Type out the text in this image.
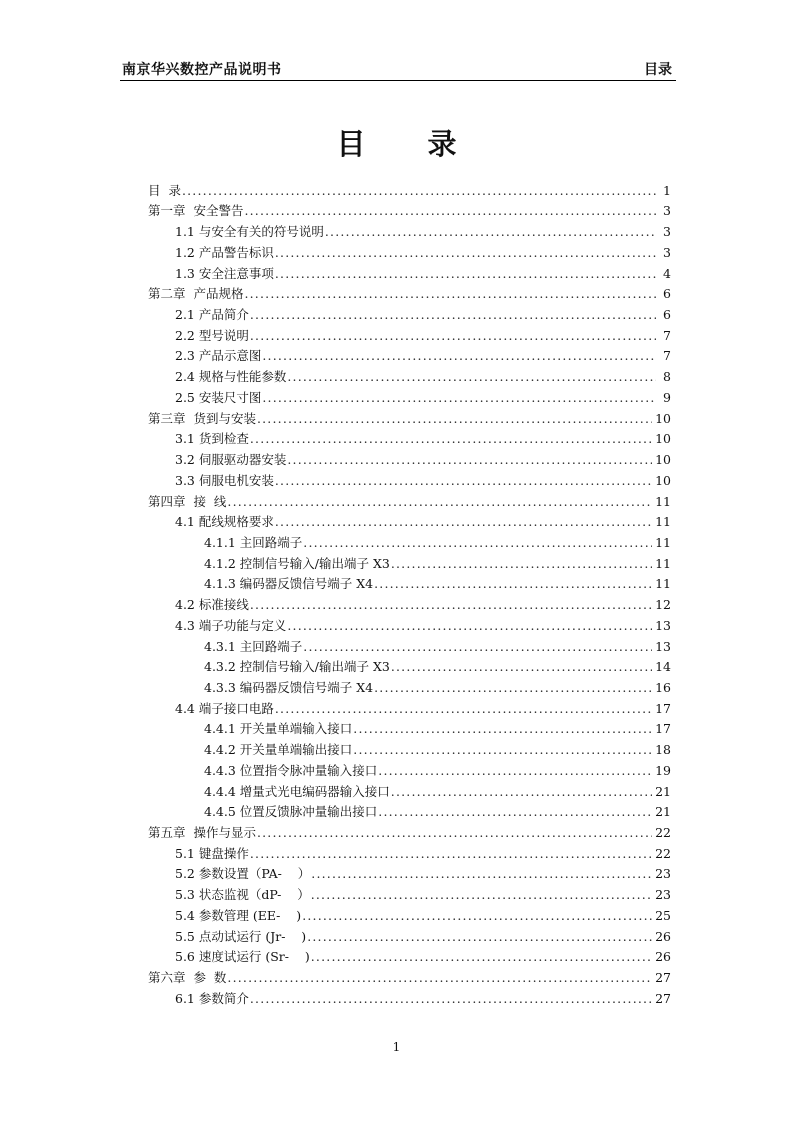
南京华兴数控产品说明书	目录
目 录
目  录 .....	1
第一章  安全警告 .....	3
1.1 与安全有关的符号说明 .....	3
1.2 产品警告标识 .....	3
1.3 安全注意事项 .....	4
第二章  产品规格 .....	6
2.1 产品简介 .....	6
2.2 型号说明 .....	7
2.3 产品示意图 .....	7
2.4 规格与性能参数 .....	8
2.5 安装尺寸图 .....	9
第三章  货到与安装 .....	10
3.1 货到检查 .....	10
3.2 伺服驱动器安装 .....	10
3.3 伺服电机安装 .....	10
第四章  接  线 .....	11
4.1 配线规格要求 .....	11
4.1.1 主回路端子 .....	11
4.1.2 控制信号输入/输出端子 X3 .....	11
4.1.3 编码器反馈信号端子 X4 .....	11
4.2 标准接线 .....	12
4.3 端子功能与定义 .....	13
4.3.1 主回路端子 .....	13
4.3.2 控制信号输入/输出端子 X3 .....	14
4.3.3 编码器反馈信号端子 X4 .....	16
4.4 端子接口电路 .....	17
4.4.1 开关量单端输入接口 .....	17
4.4.2 开关量单端输出接口 .....	18
4.4.3 位置指令脉冲量输入接口 .....	19
4.4.4 增量式光电编码器输入接口 .....	21
4.4.5 位置反馈脉冲量输出接口 .....	21
第五章  操作与显示 .....	22
5.1 键盘操作 .....	22
5.2 参数设置（PA-    ） .....	23
5.3 状态监视（dP-    ） .....	23
5.4 参数管理 (EE-    ) .....	25
5.5 点动试运行 (Jr-    ) .....	26
5.6 速度试运行 (Sr-    ) .....	26
第六章  参  数 .....	27
6.1 参数简介 .....	27
1
